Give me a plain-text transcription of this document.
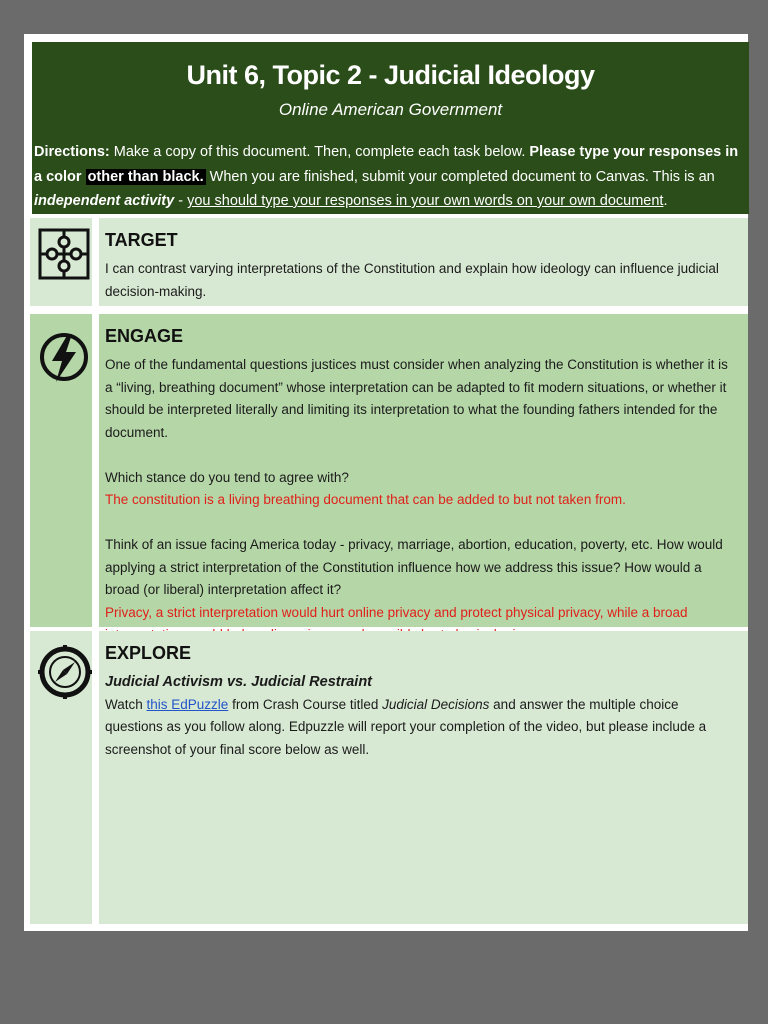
Unit 6, Topic 2 - Judicial Ideology
Online American Government
Directions: Make a copy of this document. Then, complete each task below. Please type your responses in a color other than black. When you are finished, submit your completed document to Canvas. This is an independent activity - you should type your responses in your own words on your own document.
TARGET
I can contrast varying interpretations of the Constitution and explain how ideology can influence judicial decision-making.
ENGAGE

One of the fundamental questions justices must consider when analyzing the Constitution is whether it is a “living, breathing document” whose interpretation can be adapted to fit modern situations, or whether it should be interpreted literally and limiting its interpretation to what the founding fathers intended for the document.

Which stance do you tend to agree with?

The constitution is a living breathing document that can be added to but not taken from.

Think of an issue facing America today - privacy, marriage, abortion, education, poverty, etc. How would applying a strict interpretation of the Constitution influence how we address this issue? How would a broad (or liberal) interpretation affect it?

Privacy, a strict interpretation would hurt online privacy and protect physical privacy, while a broad

EXPLORE

Judicial Activism vs. Judicial Restraint

Watch this EdPuzzle from Crash Course titled Judicial Decisions and answer the multiple choice questions as you follow along. Edpuzzle will report your completion of the video, but please include a screenshot of your final score below as well.
